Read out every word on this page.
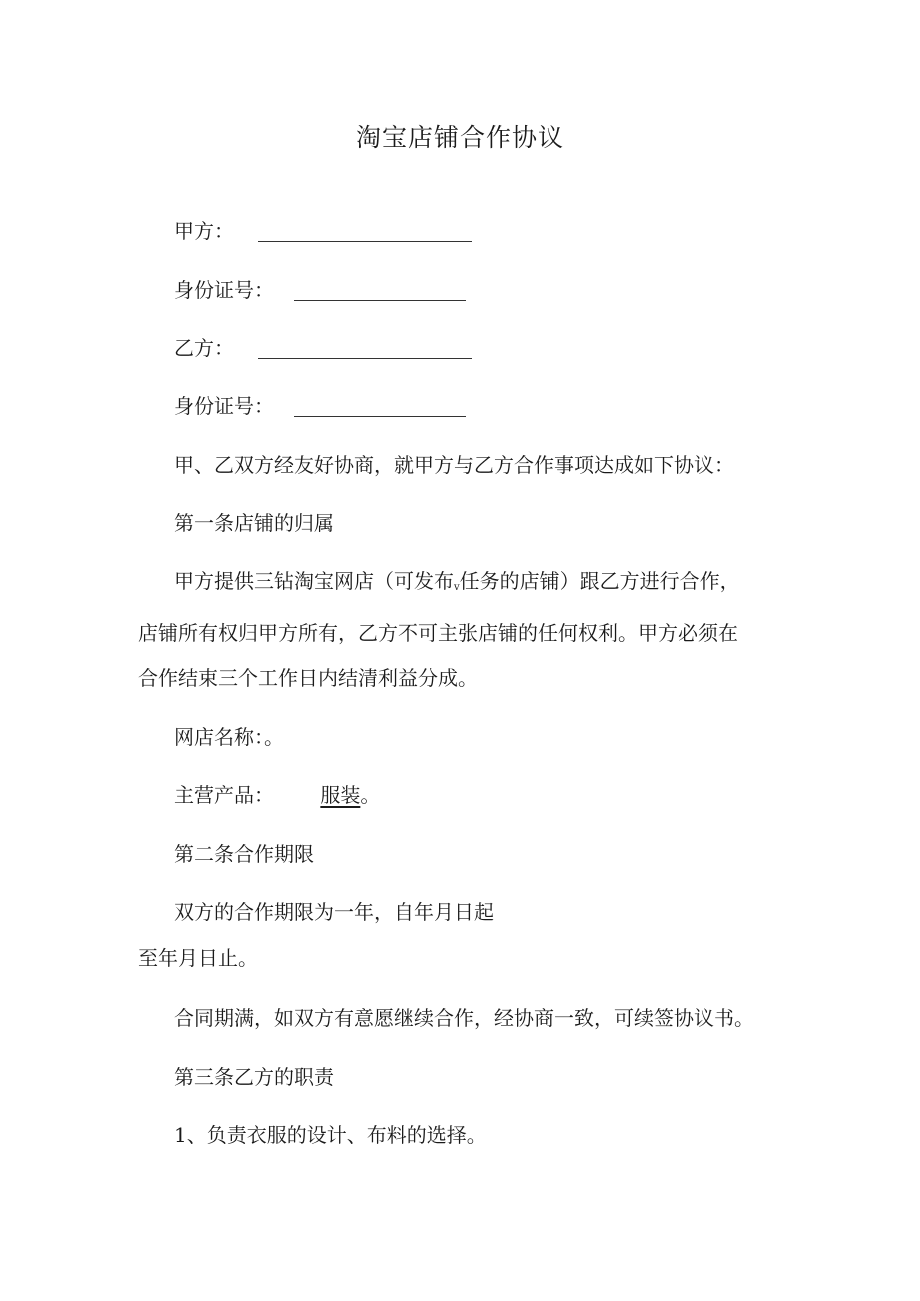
淘宝店铺合作协议
甲方：
身份证号：
乙方：
身份证号：
甲、乙双方经友好协商，就甲方与乙方合作事项达成如下协议：
第一条店铺的归属
甲方提供三钻淘宝网店（可发布v任务的店铺）跟乙方进行合作，
店铺所有权归甲方所有，乙方不可主张店铺的任何权利。甲方必须在
合作结束三个工作日内结清利益分成。
网店名称：。
主营产品： 服装。
第二条合作期限
双方的合作期限为一年，自年月日起
至年月日止。
合同期满，如双方有意愿继续合作，经协商一致，可续签协议书。
第三条乙方的职责
1、负责衣服的设计、布料的选择。
